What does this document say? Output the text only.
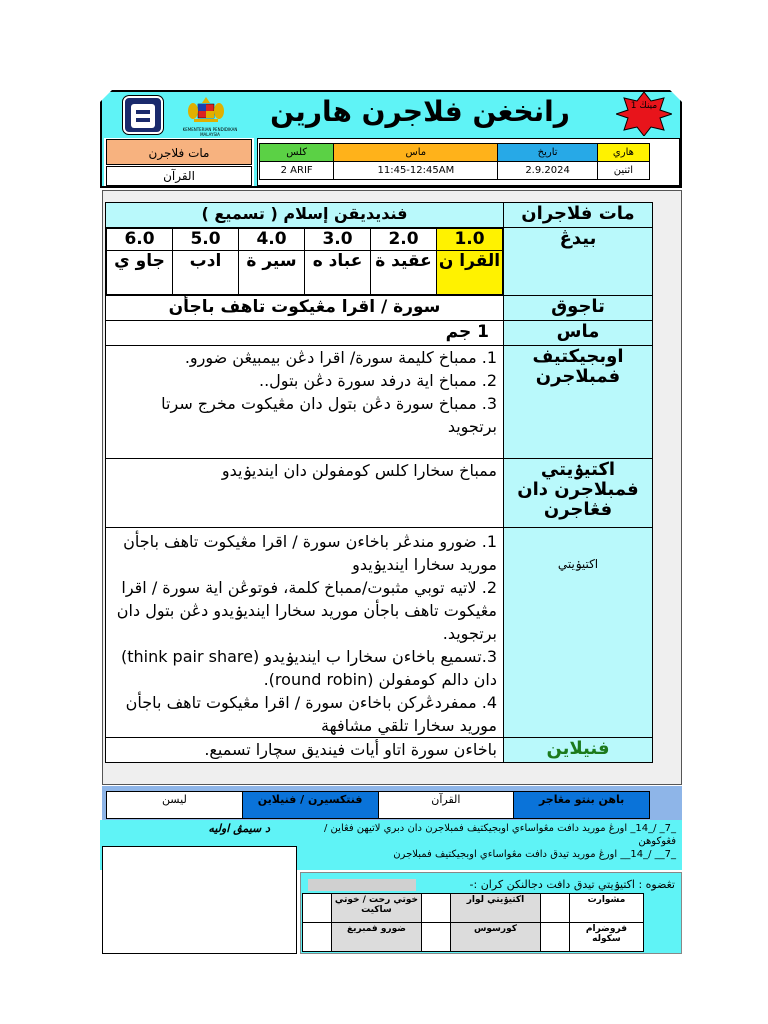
KEMENTERIAN PENDIDIKAN MALAYSIA
رانخغن فلاجرن هارين	مينڬ 1
مات فلاجرن
القرآن
كلس	ماس	تاريخ	هاري
2 ARIF	11:45-12:45AM	2.9.2024	اثنين
مات فلاجران	فنديديقن إسلام ( تسميع )
بيدڠ	
1.0	2.0	3.0	4.0	5.0	6.0
القرا ن	عقيد ة	عباد ه	سير ة	ادب	جاو ي

تاجوق	سورة / اقرا مڠيکوت تاهف باجأن
ماس	1 جم
اوبجيكتيف فمبلاجرن	
1. ممباخ کليمة سورة/ اقرا دڠن بيمبيڠن ضورو.
2. ممباخ اية درفد سورة دڠن بتول..
3. ممباخ سورة دڠن بتول دان مڠيکوت مخرج سرتا برتجويد

اکتيۏيتي فمبلاجرن دان فڠاجرن	ممباخ سخارا کلس کومفولن دان اينديۏيدو
اکتيۏيتي	
1. ضورو مندڠر باخاءن سورة / اقرا مڠيکوت تاهف باجأن موريد سخارا اينديۏيدو
2. لاتيه توبي مثبوت/ممباخ کلمة، فوتوڠن اية سورة / اقرا مڠيکوت تاهف باجأن موريد سخارا اينديۏيدو دڠن بتول دان برتجويد.
3.تسميع باخاءن سخارا ب اينديۏيدو (think pair share) دان دالم کومفولن (round robin).
4. ممفردڠرکن باخاءن سورة / اقرا مڠيکوت تاهف باجأن موريد سخارا تلقي مشافهة

فنيلاين	باخاءن سورة اتاو أيات فينديق سچارا تسميع.
باهن بنتو مڠاجر	القرآن	فنتکسيرن / فنيلاين	ليسن
د سيمڨ اوليه	_7_ /_14_ اورڠ موريد دافت مڠواساءي اوبجيكتيف فمبلاجرن دان دبري لاتيهن فڠاين / فڠوکوهن
_7__ /_14__ اورڠ موريد تيدق دافت مڠواساءي اوبجيكتيف فمبلاجرن
تڠضوه : اکتيۏيتي تيدق دافت دجالنکن کران :-
مشوارت		اکتيۏيتي لوار		خوتي رحت / خوتي ساکيت	
فروضرام سکوله		کورسوس		ضورو فمبريغ	
